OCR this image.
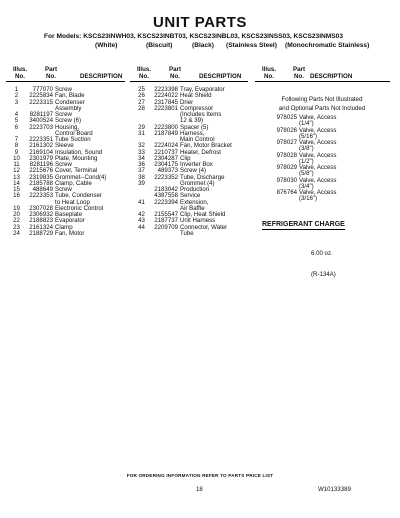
UNIT PARTS
For Models: KSCS23INWH03, KSCS23INBT03, KSCS23INBL03, KSCS23INSS03, KSCS23INMS03
(White)	(Biscuit)	(Black) (Stainless Steel) (Monochromatic Stainless)
Illus.
No.
Part
No.	DESCRIPTION
Illus.
No.
Part
No.	DESCRIPTION
Illus.
No.
Part
No. DESCRIPTION
1	777070 Screw
2	2225834 Fan, Blade
3	2223315 Condenser
Assembly
4	8281197 Screw
5	3400524 Screw (6)
6	2223703 Housing,
Control Board
7	2223351 Tube Suction
8	2161302 Sleeve
9	2169104 Insulation, Sound
10	2301979 Plate, Mounting
11	8281196 Screw
12	2215676 Cover, Terminal
13	2319835 Grommet--Cond(4)
14	2185788 Clamp, Cable
15	488649 Screw
16	2223353 Tube, Condenser
to Heat Loop
19	2307028 Electronic Control
20	2306932 Baseplate
22	2188823 Evaporator
23	2161324 Clamp
24	2188729 Fan, Motor
25	2223398 Tray, Evaporator
26	2224022 Heat Shield
27	2317845 Drier
28	2223801 Compressor
(Includes Items
12 & 39)
29	2223800 Spacer (5)
31	2187849 Harness,
Main Control
32	2224024 Fan, Motor Bracket
33	2210737 Heater, Defrost
34	2304287 Clip
36	2304175 Inverter Box
37	489373 Screw (4)
38	2223352 Tube, Discharge
39	Grommet (4)
2183042 Production
4387558 Service
41	2223394 Extension,
Air Baffle
42	2155547 Clip, Heat Shield
43	2187737 Unit Harness
44	2209709 Connector, Water
Tube
Following Parts Not Illustrated
and Optional Parts Not Included
978025 Valve, Access
(1/4")
978026 Valve, Access
(5/16")
978027 Valve, Access
(3/8")
978028 Valve, Access
(1/2")
978029 Valve, Access
(5/8")
978030 Valve, Access
(3/4")
876764 Valve, Access
(3/16")
REFRIGERANT CHARGE

6.00 oz.

(R-134A)

FOR ORDERING INFORMATION REFER TO PARTS PRICE LIST
18	W10133389
